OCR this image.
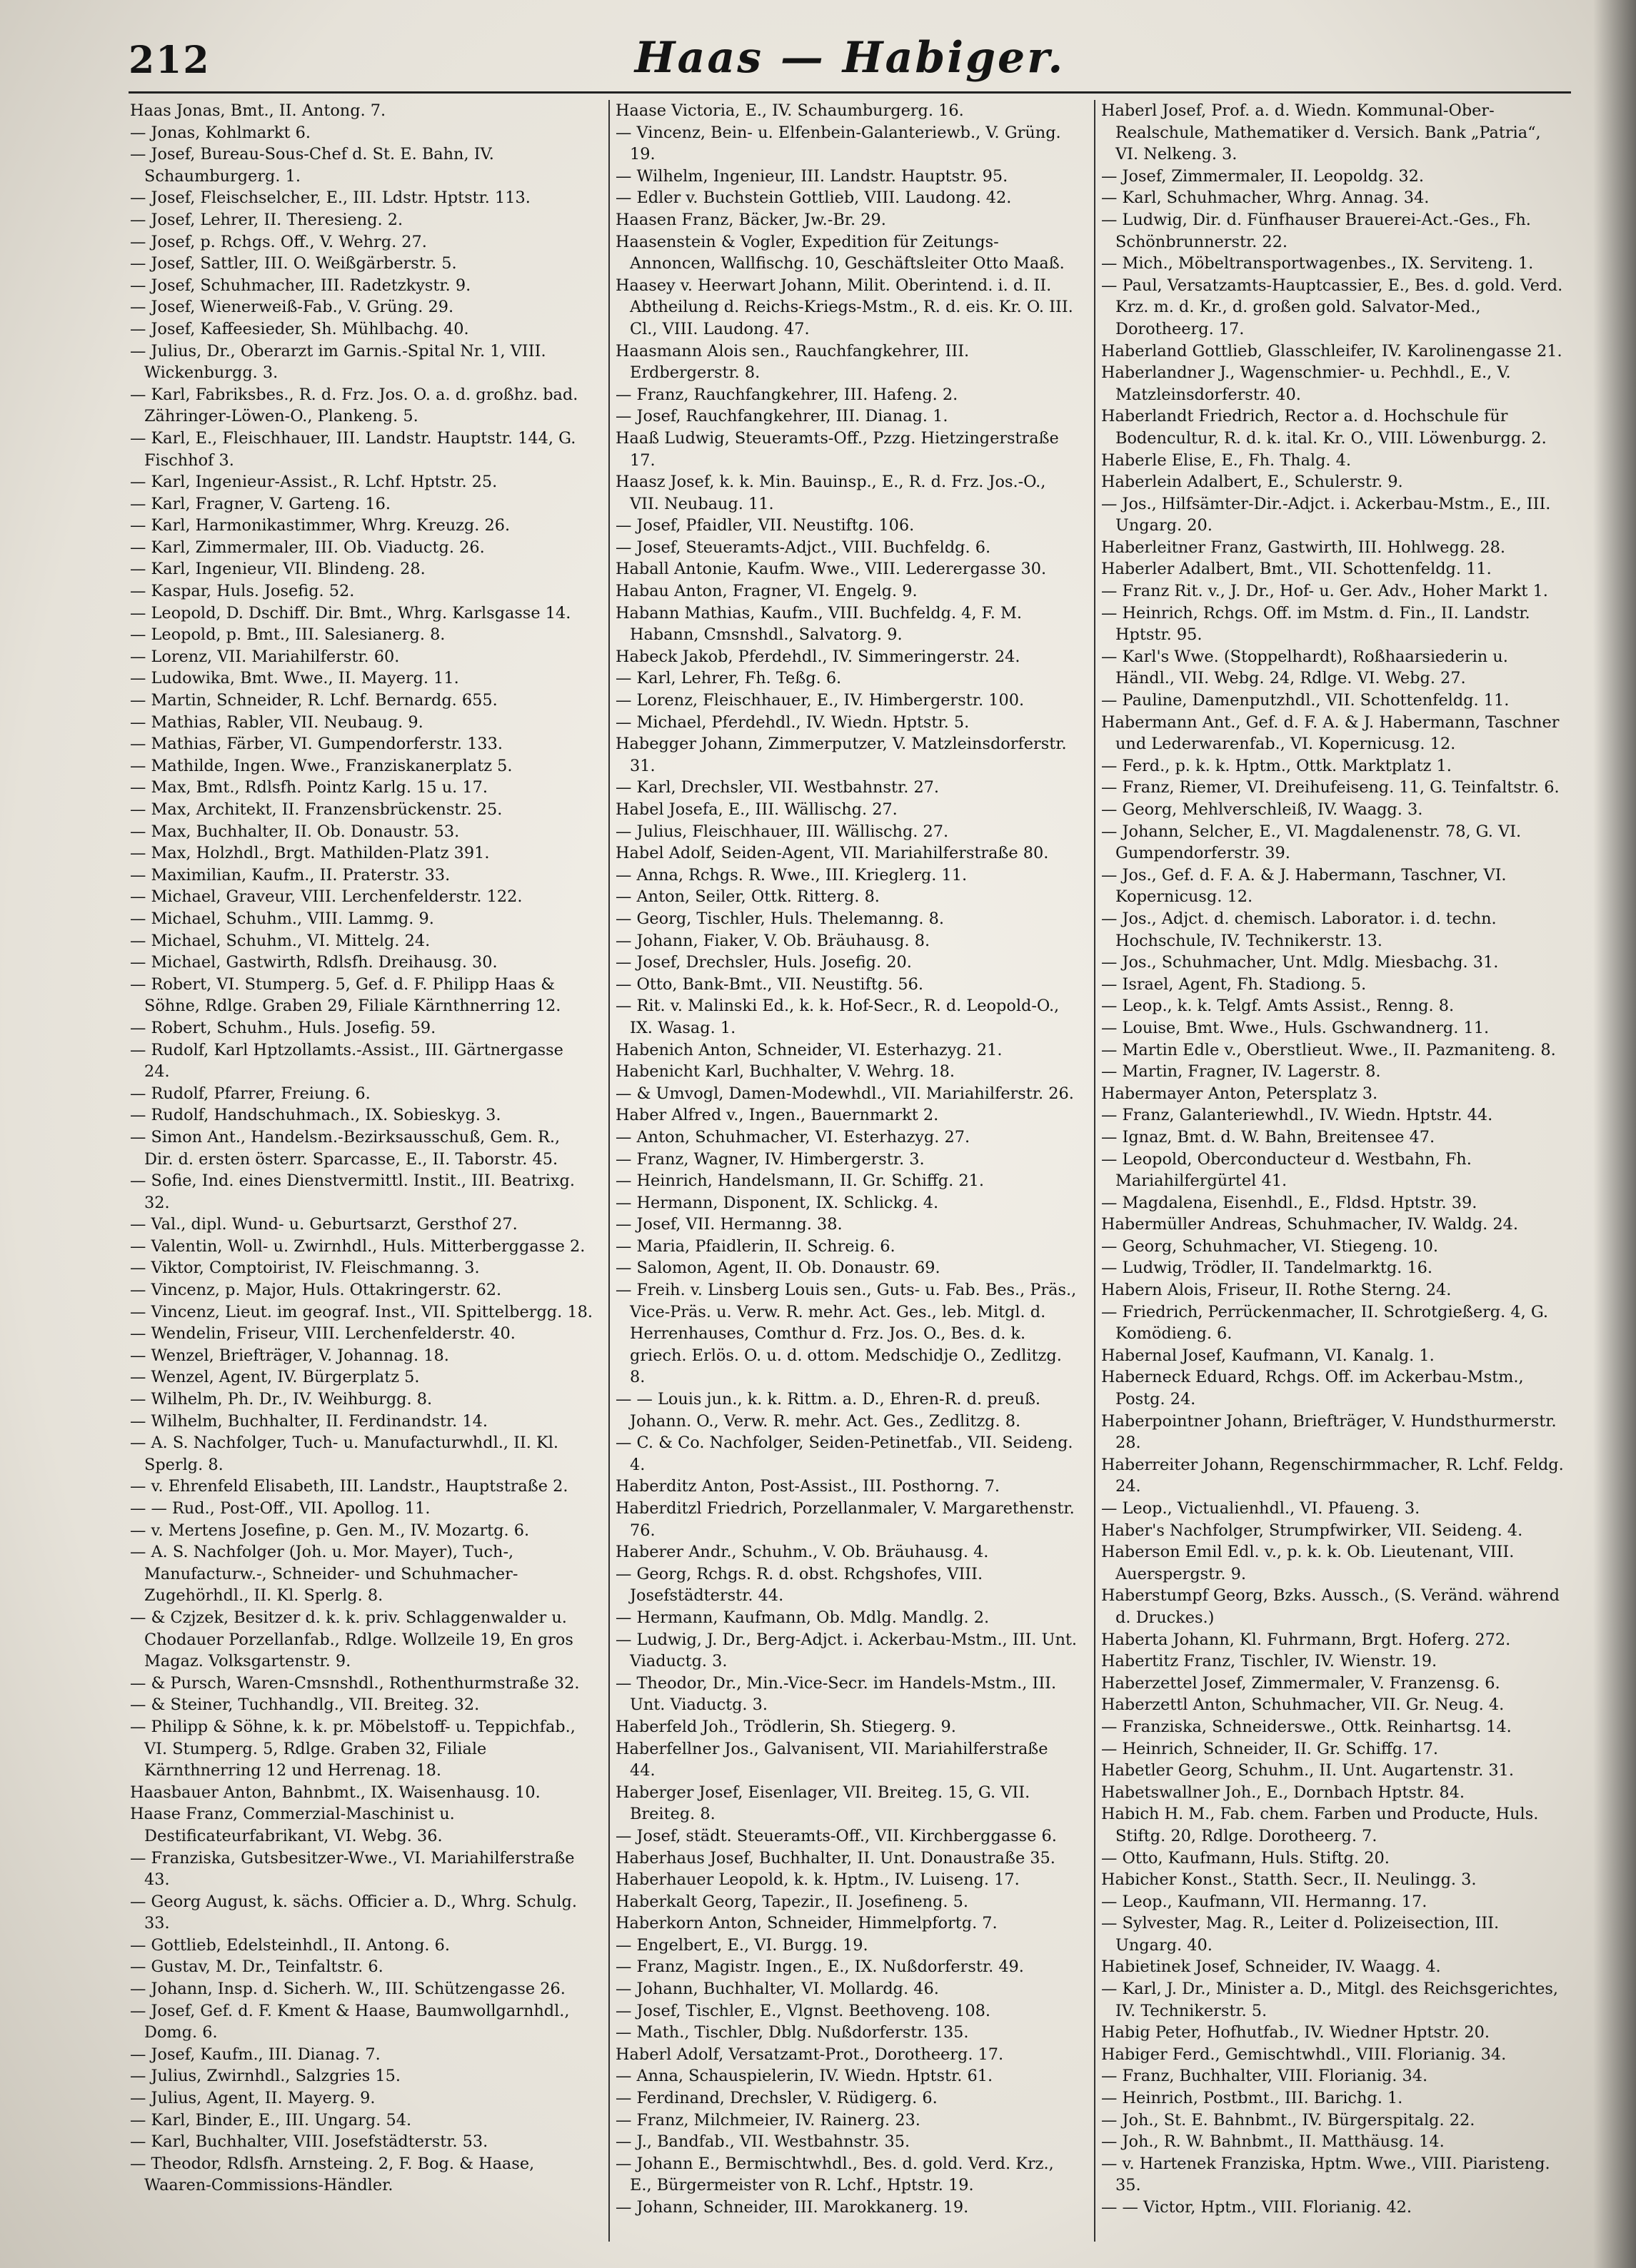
212	Haas — Habiger.

Haas Jonas, Bmt., II. Antong. 7.

— Jonas, Kohlmarkt 6.

— Josef, Bureau-Sous-Chef d. St. E. Bahn, IV. Schaumburgerg. 1.

— Josef, Fleischselcher, E., III. Ldstr. Hptstr. 113.

— Josef, Lehrer, II. Theresieng. 2.

— Josef, p. Rchgs. Off., V. Wehrg. 27.

— Josef, Sattler, III. O. Weißgärberstr. 5.

— Josef, Schuhmacher, III. Radetzkystr. 9.

— Josef, Wienerweiß-Fab., V. Grüng. 29.

— Josef, Kaffeesieder, Sh. Mühlbachg. 40.

— Julius, Dr., Oberarzt im Garnis.-Spital Nr. 1, VIII. Wickenburgg. 3.

— Karl, Fabriksbes., R. d. Frz. Jos. O. a. d. großhz. bad. Zähringer-Löwen-O., Plankeng. 5.

— Karl, E., Fleischhauer, III. Landstr. Hauptstr. 144, G. Fischhof 3.

— Karl, Ingenieur-Assist., R. Lchf. Hptstr. 25.

— Karl, Fragner, V. Garteng. 16.

— Karl, Harmonikastimmer, Whrg. Kreuzg. 26.

— Karl, Zimmermaler, III. Ob. Viaductg. 26.

— Karl, Ingenieur, VII. Blindeng. 28.

— Kaspar, Huls. Josefig. 52.

— Leopold, D. Dschiff. Dir. Bmt., Whrg. Karlsgasse 14.

— Leopold, p. Bmt., III. Salesianerg. 8.

— Lorenz, VII. Mariahilferstr. 60.

— Ludowika, Bmt. Wwe., II. Mayerg. 11.

— Martin, Schneider, R. Lchf. Bernardg. 655.

— Mathias, Rabler, VII. Neubaug. 9.

— Mathias, Färber, VI. Gumpendorferstr. 133.

— Mathilde, Ingen. Wwe., Franziskanerplatz 5.

— Max, Bmt., Rdlsfh. Pointz Karlg. 15 u. 17.

— Max, Architekt, II. Franzensbrückenstr. 25.

— Max, Buchhalter, II. Ob. Donaustr. 53.

— Max, Holzhdl., Brgt. Mathilden-Platz 391.

— Maximilian, Kaufm., II. Praterstr. 33.

— Michael, Graveur, VIII. Lerchenfelderstr. 122.

— Michael, Schuhm., VIII. Lammg. 9.

— Michael, Schuhm., VI. Mittelg. 24.

— Michael, Gastwirth, Rdlsfh. Dreihausg. 30.

— Robert, VI. Stumperg. 5, Gef. d. F. Philipp Haas & Söhne, Rdlge. Graben 29, Filiale Kärnthnerring 12.

— Robert, Schuhm., Huls. Josefig. 59.

— Rudolf, Karl Hptzollamts.-Assist., III. Gärtnergasse 24.

— Rudolf, Pfarrer, Freiung. 6.

— Rudolf, Handschuhmach., IX. Sobieskyg. 3.

— Simon Ant., Handelsm.-Bezirksausschuß, Gem. R., Dir. d. ersten österr. Sparcasse, E., II. Taborstr. 45.

— Sofie, Ind. eines Dienstvermittl. Instit., III. Beatrixg. 32.

— Val., dipl. Wund- u. Geburtsarzt, Gersthof 27.

— Valentin, Woll- u. Zwirnhdl., Huls. Mitterberggasse 2.

— Viktor, Comptoirist, IV. Fleischmanng. 3.

— Vincenz, p. Major, Huls. Ottakringerstr. 62.

— Vincenz, Lieut. im geograf. Inst., VII. Spittelbergg. 18.

— Wendelin, Friseur, VIII. Lerchenfelderstr. 40.

— Wenzel, Briefträger, V. Johannag. 18.

— Wenzel, Agent, IV. Bürgerplatz 5.

— Wilhelm, Ph. Dr., IV. Weihburgg. 8.

— Wilhelm, Buchhalter, II. Ferdinandstr. 14.

— A. S. Nachfolger, Tuch- u. Manufacturwhdl., II. Kl. Sperlg. 8.

— v. Ehrenfeld Elisabeth, III. Landstr., Hauptstraße 2.

— — Rud., Post-Off., VII. Apollog. 11.

— v. Mertens Josefine, p. Gen. M., IV. Mozartg. 6.

— A. S. Nachfolger (Joh. u. Mor. Mayer), Tuch-, Manufacturw.-, Schneider- und Schuhmacher-Zugehörhdl., II. Kl. Sperlg. 8.

— & Czjzek, Besitzer d. k. k. priv. Schlaggenwalder u. Chodauer Porzellanfab., Rdlge. Wollzeile 19, En gros Magaz. Volksgartenstr. 9.

— & Pursch, Waren-Cmsnshdl., Rothenthurmstraße 32.

— & Steiner, Tuchhandlg., VII. Breiteg. 32.

— Philipp & Söhne, k. k. pr. Möbelstoff- u. Teppichfab., VI. Stumperg. 5, Rdlge. Graben 32, Filiale Kärnthnerring 12 und Herrenag. 18.

Haasbauer Anton, Bahnbmt., IX. Waisenhausg. 10.

Haase Franz, Commerzial-Maschinist u. Destificateurfabrikant, VI. Webg. 36.

— Franziska, Gutsbesitzer-Wwe., VI. Mariahilferstraße 43.

— Georg August, k. sächs. Officier a. D., Whrg. Schulg. 33.

— Gottlieb, Edelsteinhdl., II. Antong. 6.

— Gustav, M. Dr., Teinfaltstr. 6.

— Johann, Insp. d. Sicherh. W., III. Schützengasse 26.

— Josef, Gef. d. F. Kment & Haase, Baumwollgarnhdl., Domg. 6.

— Josef, Kaufm., III. Dianag. 7.

— Julius, Zwirnhdl., Salzgries 15.

— Julius, Agent, II. Mayerg. 9.

— Karl, Binder, E., III. Ungarg. 54.

— Karl, Buchhalter, VIII. Josefstädterstr. 53.

— Theodor, Rdlsfh. Arnsteing. 2, F. Bog. & Haase, Waaren-Commissions-Händler.

Haase Victoria, E., IV. Schaumburgerg. 16.

— Vincenz, Bein- u. Elfenbein-Galanteriewb., V. Grüng. 19.

— Wilhelm, Ingenieur, III. Landstr. Hauptstr. 95.

— Edler v. Buchstein Gottlieb, VIII. Laudong. 42.

Haasen Franz, Bäcker, Jw.-Br. 29.

Haasenstein & Vogler, Expedition für Zeitungs-Annoncen, Wallfischg. 10, Geschäftsleiter Otto Maaß.

Haasey v. Heerwart Johann, Milit. Oberintend. i. d. II. Abtheilung d. Reichs-Kriegs-Mstm., R. d. eis. Kr. O. III. Cl., VIII. Laudong. 47.

Haasmann Alois sen., Rauchfangkehrer, III. Erdbergerstr. 8.

— Franz, Rauchfangkehrer, III. Hafeng. 2.

— Josef, Rauchfangkehrer, III. Dianag. 1.

Haaß Ludwig, Steueramts-Off., Pzzg. Hietzingerstraße 17.

Haasz Josef, k. k. Min. Bauinsp., E., R. d. Frz. Jos.-O., VII. Neubaug. 11.

— Josef, Pfaidler, VII. Neustiftg. 106.

— Josef, Steueramts-Adjct., VIII. Buchfeldg. 6.

Haball Antonie, Kaufm. Wwe., VIII. Lederergasse 30.

Habau Anton, Fragner, VI. Engelg. 9.

Habann Mathias, Kaufm., VIII. Buchfeldg. 4, F. M. Habann, Cmsnshdl., Salvatorg. 9.

Habeck Jakob, Pferdehdl., IV. Simmeringerstr. 24.

— Karl, Lehrer, Fh. Teßg. 6.

— Lorenz, Fleischhauer, E., IV. Himbergerstr. 100.

— Michael, Pferdehdl., IV. Wiedn. Hptstr. 5.

Habegger Johann, Zimmerputzer, V. Matzleinsdorferstr. 31.

— Karl, Drechsler, VII. Westbahnstr. 27.

Habel Josefa, E., III. Wällischg. 27.

— Julius, Fleischhauer, III. Wällischg. 27.

Habel Adolf, Seiden-Agent, VII. Mariahilferstraße 80.

— Anna, Rchgs. R. Wwe., III. Krieglerg. 11.

— Anton, Seiler, Ottk. Ritterg. 8.

— Georg, Tischler, Huls. Thelemanng. 8.

— Johann, Fiaker, V. Ob. Bräuhausg. 8.

— Josef, Drechsler, Huls. Josefig. 20.

— Otto, Bank-Bmt., VII. Neustiftg. 56.

— Rit. v. Malinski Ed., k. k. Hof-Secr., R. d. Leopold-O., IX. Wasag. 1.

Habenich Anton, Schneider, VI. Esterhazyg. 21.

Habenicht Karl, Buchhalter, V. Wehrg. 18.

— & Umvogl, Damen-Modewhdl., VII. Mariahilferstr. 26.

Haber Alfred v., Ingen., Bauernmarkt 2.

— Anton, Schuhmacher, VI. Esterhazyg. 27.

— Franz, Wagner, IV. Himbergerstr. 3.

— Heinrich, Handelsmann, II. Gr. Schiffg. 21.

— Hermann, Disponent, IX. Schlickg. 4.

— Josef, VII. Hermanng. 38.

— Maria, Pfaidlerin, II. Schreig. 6.

— Salomon, Agent, II. Ob. Donaustr. 69.

— Freih. v. Linsberg Louis sen., Guts- u. Fab. Bes., Präs., Vice-Präs. u. Verw. R. mehr. Act. Ges., leb. Mitgl. d. Herrenhauses, Comthur d. Frz. Jos. O., Bes. d. k. griech. Erlös. O. u. d. ottom. Medschidje O., Zedlitzg. 8.

— — Louis jun., k. k. Rittm. a. D., Ehren-R. d. preuß. Johann. O., Verw. R. mehr. Act. Ges., Zedlitzg. 8.

— C. & Co. Nachfolger, Seiden-Petinetfab., VII. Seideng. 4.

Haberditz Anton, Post-Assist., III. Posthorng. 7.

Haberditzl Friedrich, Porzellanmaler, V. Margarethenstr. 76.

Haberer Andr., Schuhm., V. Ob. Bräuhausg. 4.

— Georg, Rchgs. R. d. obst. Rchgshofes, VIII. Josefstädterstr. 44.

— Hermann, Kaufmann, Ob. Mdlg. Mandlg. 2.

— Ludwig, J. Dr., Berg-Adjct. i. Ackerbau-Mstm., III. Unt. Viaductg. 3.

— Theodor, Dr., Min.-Vice-Secr. im Handels-Mstm., III. Unt. Viaductg. 3.

Haberfeld Joh., Trödlerin, Sh. Stiegerg. 9.

Haberfellner Jos., Galvanisent, VII. Mariahilferstraße 44.

Haberger Josef, Eisenlager, VII. Breiteg. 15, G. VII. Breiteg. 8.

— Josef, städt. Steueramts-Off., VII. Kirchberggasse 6.

Haberhaus Josef, Buchhalter, II. Unt. Donaustraße 35.

Haberhauer Leopold, k. k. Hptm., IV. Luiseng. 17.

Haberkalt Georg, Tapezir., II. Josefineng. 5.

Haberkorn Anton, Schneider, Himmelpfortg. 7.

— Engelbert, E., VI. Burgg. 19.

— Franz, Magistr. Ingen., E., IX. Nußdorferstr. 49.

— Johann, Buchhalter, VI. Mollardg. 46.

— Josef, Tischler, E., Vlgnst. Beethoveng. 108.

— Math., Tischler, Dblg. Nußdorferstr. 135.

Haberl Adolf, Versatzamt-Prot., Dorotheerg. 17.

— Anna, Schauspielerin, IV. Wiedn. Hptstr. 61.

— Ferdinand, Drechsler, V. Rüdigerg. 6.

— Franz, Milchmeier, IV. Rainerg. 23.

— J., Bandfab., VII. Westbahnstr. 35.

— Johann E., Bermischtwhdl., Bes. d. gold. Verd. Krz., E., Bürgermeister von R. Lchf., Hptstr. 19.

— Johann, Schneider, III. Marokkanerg. 19.

Haberl Josef, Prof. a. d. Wiedn. Kommunal-Ober-Realschule, Mathematiker d. Versich. Bank „Patria“, VI. Nelkeng. 3.

— Josef, Zimmermaler, II. Leopoldg. 32.

— Karl, Schuhmacher, Whrg. Annag. 34.

— Ludwig, Dir. d. Fünfhauser Brauerei-Act.-Ges., Fh. Schönbrunnerstr. 22.

— Mich., Möbeltransportwagenbes., IX. Serviteng. 1.

— Paul, Versatzamts-Hauptcassier, E., Bes. d. gold. Verd. Krz. m. d. Kr., d. großen gold. Salvator-Med., Dorotheerg. 17.

Haberland Gottlieb, Glasschleifer, IV. Karolinengasse 21.

Haberlandner J., Wagenschmier- u. Pechhdl., E., V. Matzleinsdorferstr. 40.

Haberlandt Friedrich, Rector a. d. Hochschule für Bodencultur, R. d. k. ital. Kr. O., VIII. Löwenburgg. 2.

Haberle Elise, E., Fh. Thalg. 4.

Haberlein Adalbert, E., Schulerstr. 9.

— Jos., Hilfsämter-Dir.-Adjct. i. Ackerbau-Mstm., E., III. Ungarg. 20.

Haberleitner Franz, Gastwirth, III. Hohlwegg. 28.

Haberler Adalbert, Bmt., VII. Schottenfeldg. 11.

— Franz Rit. v., J. Dr., Hof- u. Ger. Adv., Hoher Markt 1.

— Heinrich, Rchgs. Off. im Mstm. d. Fin., II. Landstr. Hptstr. 95.

— Karl's Wwe. (Stoppelhardt), Roßhaarsiederin u. Händl., VII. Webg. 24, Rdlge. VI. Webg. 27.

— Pauline, Damenputzhdl., VII. Schottenfeldg. 11.

Habermann Ant., Gef. d. F. A. & J. Habermann, Taschner und Lederwarenfab., VI. Kopernicusg. 12.

— Ferd., p. k. k. Hptm., Ottk. Marktplatz 1.

— Franz, Riemer, VI. Dreihufeiseng. 11, G. Teinfaltstr. 6.

— Georg, Mehlverschleiß, IV. Waagg. 3.

— Johann, Selcher, E., VI. Magdalenenstr. 78, G. VI. Gumpendorferstr. 39.

— Jos., Gef. d. F. A. & J. Habermann, Taschner, VI. Kopernicusg. 12.

— Jos., Adjct. d. chemisch. Laborator. i. d. techn. Hochschule, IV. Technikerstr. 13.

— Jos., Schuhmacher, Unt. Mdlg. Miesbachg. 31.

— Israel, Agent, Fh. Stadiong. 5.

— Leop., k. k. Telgf. Amts Assist., Renng. 8.

— Louise, Bmt. Wwe., Huls. Gschwandnerg. 11.

— Martin Edle v., Oberstlieut. Wwe., II. Pazmaniteng. 8.

— Martin, Fragner, IV. Lagerstr. 8.

Habermayer Anton, Petersplatz 3.

— Franz, Galanteriewhdl., IV. Wiedn. Hptstr. 44.

— Ignaz, Bmt. d. W. Bahn, Breitensee 47.

— Leopold, Oberconducteur d. Westbahn, Fh. Mariahilfergürtel 41.

— Magdalena, Eisenhdl., E., Fldsd. Hptstr. 39.

Habermüller Andreas, Schuhmacher, IV. Waldg. 24.

— Georg, Schuhmacher, VI. Stiegeng. 10.

— Ludwig, Trödler, II. Tandelmarktg. 16.

Habern Alois, Friseur, II. Rothe Sterng. 24.

— Friedrich, Perrückenmacher, II. Schrotgießerg. 4, G. Komödieng. 6.

Habernal Josef, Kaufmann, VI. Kanalg. 1.

Haberneck Eduard, Rchgs. Off. im Ackerbau-Mstm., Postg. 24.

Haberpointner Johann, Briefträger, V. Hundsthurmerstr. 28.

Haberreiter Johann, Regenschirmmacher, R. Lchf. Feldg. 24.

— Leop., Victualienhdl., VI. Pfaueng. 3.

Haber's Nachfolger, Strumpfwirker, VII. Seideng. 4.

Haberson Emil Edl. v., p. k. k. Ob. Lieutenant, VIII. Auerspergstr. 9.

Haberstumpf Georg, Bzks. Aussch., (S. Veränd. während d. Druckes.)

Haberta Johann, Kl. Fuhrmann, Brgt. Hoferg. 272.

Habertitz Franz, Tischler, IV. Wienstr. 19.

Haberzettel Josef, Zimmermaler, V. Franzensg. 6.

Haberzettl Anton, Schuhmacher, VII. Gr. Neug. 4.

— Franziska, Schneiderswe., Ottk. Reinhartsg. 14.

— Heinrich, Schneider, II. Gr. Schiffg. 17.

Habetler Georg, Schuhm., II. Unt. Augartenstr. 31.

Habetswallner Joh., E., Dornbach Hptstr. 84.

Habich H. M., Fab. chem. Farben und Producte, Huls. Stiftg. 20, Rdlge. Dorotheerg. 7.

— Otto, Kaufmann, Huls. Stiftg. 20.

Habicher Konst., Statth. Secr., II. Neulingg. 3.

— Leop., Kaufmann, VII. Hermanng. 17.

— Sylvester, Mag. R., Leiter d. Polizeisection, III. Ungarg. 40.

Habietinek Josef, Schneider, IV. Waagg. 4.

— Karl, J. Dr., Minister a. D., Mitgl. des Reichsgerichtes, IV. Technikerstr. 5.

Habig Peter, Hofhutfab., IV. Wiedner Hptstr. 20.

Habiger Ferd., Gemischtwhdl., VIII. Florianig. 34.

— Franz, Buchhalter, VIII. Florianig. 34.

— Heinrich, Postbmt., III. Barichg. 1.

— Joh., St. E. Bahnbmt., IV. Bürgerspitalg. 22.

— Joh., R. W. Bahnbmt., II. Matthäusg. 14.

— v. Hartenek Franziska, Hptm. Wwe., VIII. Piaristeng. 35.

— — Victor, Hptm., VIII. Florianig. 42.
